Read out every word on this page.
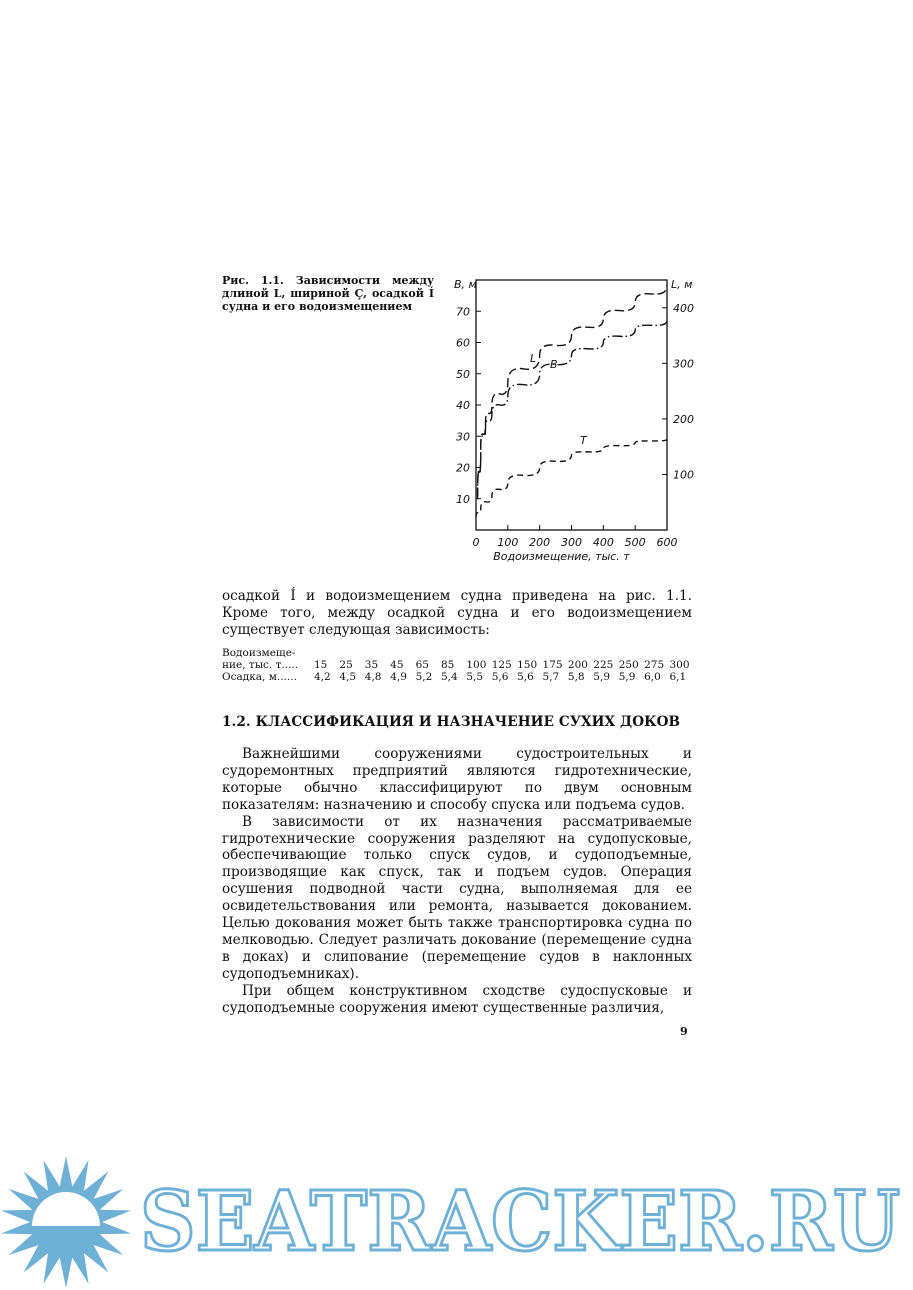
Рис. 1.1. Зависимости между длиной L, шириной Ç, осадкой Í судна и его водоизмещением
0 100 200 300 400 500 600
10
20
30
40
50
60
70
100
200
300
400
L B
T
B, м	L, м
Водоизмещение, тыс. т

осадкой Í и водоизмещением судна приведена на рис. 1.1. Кроме того, между осадкой судна и его водоизмещением существует следующая зависимость:

Водоизмеще-
ние, тыс. т.....	15	25	35	45	65	85	100 125 150 175 200 225 250 275 300
Осадка, м......	4,2 4,5 4,8 4,9 5,2 5,4 5,5 5,6 5,6 5,7 5,8 5,9 5,9 6,0 6,1
1.2. КЛАССИФИКАЦИЯ И НАЗНАЧЕНИЕ СУХИХ ДОКОВ

Важнейшими сооружениями судостроительных и судоремонтных предприятий являются гидротехнические, которые обычно классифицируют по двум основным показателям: назначению и способу спуска или подъема судов.

В зависимости от их назначения рассматриваемые гидротехнические сооружения разделяют на судопусковые, обеспечивающие только спуск судов, и судоподъемные, производящие как спуск, так и подъем судов. Операция осушения подводной части судна, выполняемая для ее освидетельствования или ремонта, называется докованием. Целью докования может быть также транспортировка судна по мелководью. Следует различать докование (перемещение судна в доках) и слипование (перемещение судов в наклонных судоподъемниках).

При общем конструктивном сходстве судоспусковые и судоподъемные сооружения имеют существенные различия,

9
SEATRACKER.RU
